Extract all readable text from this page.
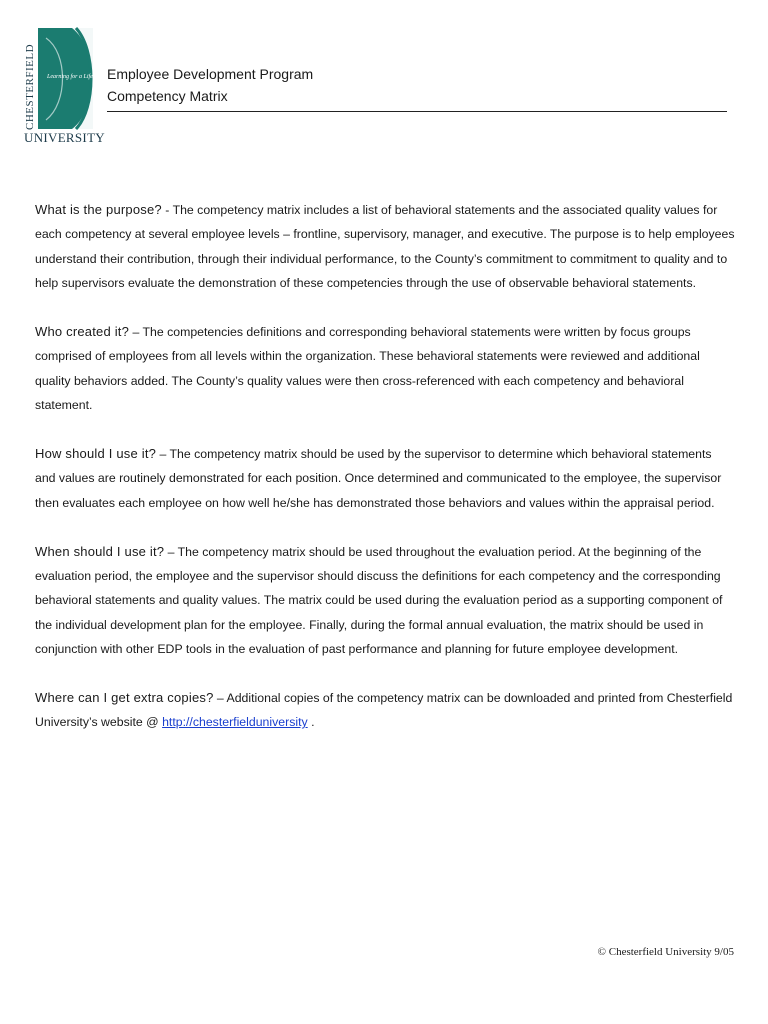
CHESTERFIELD Learning for a Lifetime
UNIVERSITY
Employee Development Program
Competency Matrix

What is the purpose? - The competency matrix includes a list of behavioral statements and the associated quality values for each competency at several employee levels – frontline, supervisory, manager, and executive. The purpose is to help employees understand their contribution, through their individual performance, to the County’s commitment to commitment to quality and to help supervisors evaluate the demonstration of these competencies through the use of observable behavioral statements.

Who created it? – The competencies definitions and corresponding behavioral statements were written by focus groups comprised of employees from all levels within the organization. These behavioral statements were reviewed and additional quality behaviors added. The County’s quality values were then cross-referenced with each competency and behavioral statement.

How should I use it? – The competency matrix should be used by the supervisor to determine which behavioral statements and values are routinely demonstrated for each position. Once determined and communicated to the employee, the supervisor then evaluates each employee on how well he/she has demonstrated those behaviors and values within the appraisal period.

When should I use it? – The competency matrix should be used throughout the evaluation period. At the beginning of the evaluation period, the employee and the supervisor should discuss the definitions for each competency and the corresponding behavioral statements and quality values. The matrix could be used during the evaluation period as a supporting component of the individual development plan for the employee. Finally, during the formal annual evaluation, the matrix should be used in conjunction with other EDP tools in the evaluation of past performance and planning for future employee development.

Where can I get extra copies? – Additional copies of the competency matrix can be downloaded and printed from Chesterfield University’s website @ http://chesterfielduniversity .

© Chesterfield University 9/05
